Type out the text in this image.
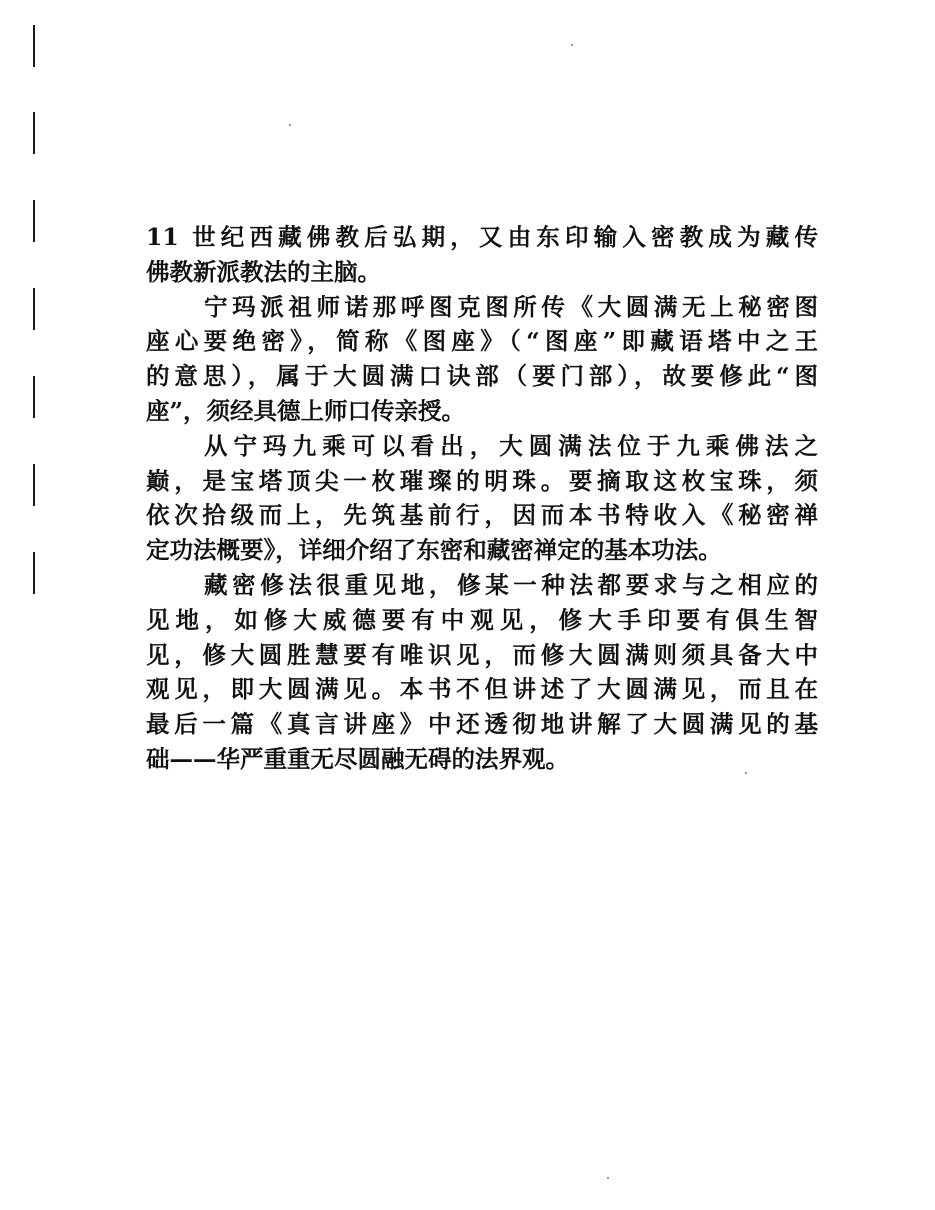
11 世纪西藏佛教后弘期，又由东印输入密教成为藏传
佛教新派教法的主脑。
宁玛派祖师诺那呼图克图所传《大圆满无上秘密图
座心要绝密》，简称《图座》（“图座”即藏语塔中之王
的意思），属于大圆满口诀部（要门部），故要修此“图
座”，须经具德上师口传亲授。
从宁玛九乘可以看出，大圆满法位于九乘佛法之
巅，是宝塔顶尖一枚璀璨的明珠。要摘取这枚宝珠，须
依次拾级而上，先筑基前行，因而本书特收入《秘密禅
定功法概要》，详细介绍了东密和藏密禅定的基本功法。
藏密修法很重见地，修某一种法都要求与之相应的
见地，如修大威德要有中观见，修大手印要有俱生智
见，修大圆胜慧要有唯识见，而修大圆满则须具备大中
观见，即大圆满见。本书不但讲述了大圆满见，而且在
最后一篇《真言讲座》中还透彻地讲解了大圆满见的基
础——华严重重无尽圆融无碍的法界观。
